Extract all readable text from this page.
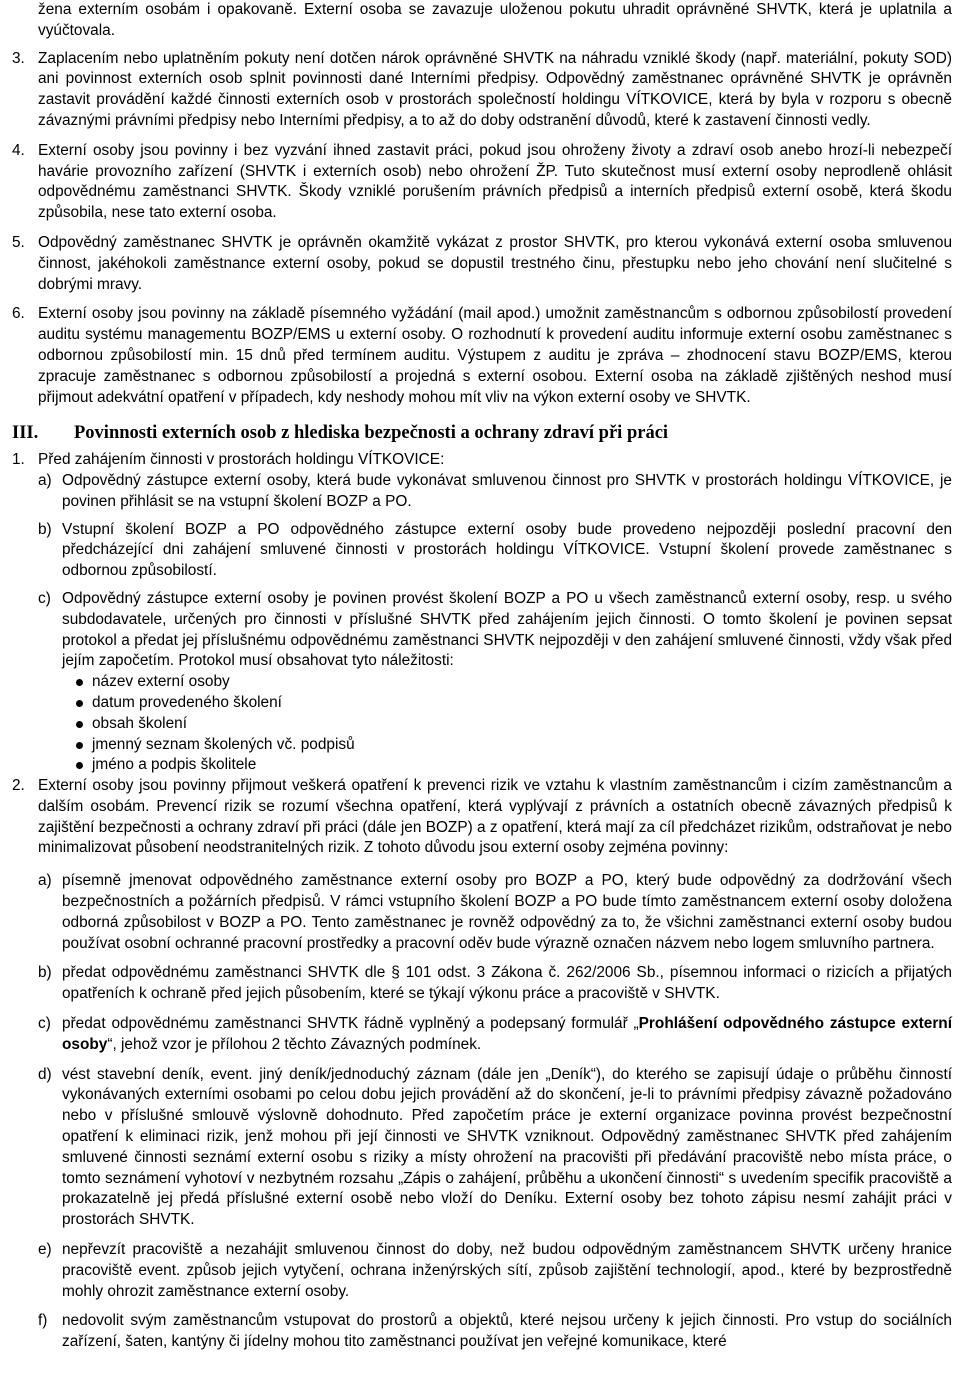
žena externím osobám i opakovaně. Externí osoba se zavazuje uloženou pokutu uhradit oprávněné SHVTK, která je uplatnila a vyúčtovala.

3. Zaplacením nebo uplatněním pokuty není dotčen nárok oprávněné SHVTK na náhradu vzniklé škody (např. materiální, pokuty SOD) ani povinnost externích osob splnit povinnosti dané Interními předpisy. Odpovědný zaměstnanec oprávněné SHVTK je oprávněn zastavit provádění každé činnosti externích osob v prostorách společností holdingu VÍTKOVICE, která by byla v rozporu s obecně závaznými právními předpisy nebo Interními předpisy, a to až do doby odstranění důvodů, které k zastavení činnosti vedly.

4. Externí osoby jsou povinny i bez vyzvání ihned zastavit práci, pokud jsou ohroženy životy a zdraví osob anebo hrozí-li nebezpečí havárie provozního zařízení (SHVTK i externích osob) nebo ohrožení ŽP. Tuto skutečnost musí externí osoby neprodleně ohlásit odpovědnému zaměstnanci SHVTK. Škody vzniklé porušením právních předpisů a interních předpisů externí osobě, která škodu způsobila, nese tato externí osoba.

5. Odpovědný zaměstnanec SHVTK je oprávněn okamžitě vykázat z prostor SHVTK, pro kterou vykonává externí osoba smluvenou činnost, jakéhokoli zaměstnance externí osoby, pokud se dopustil trestného činu, přestupku nebo jeho chování není slučitelné s dobrými mravy.

6. Externí osoby jsou povinny na základě písemného vyžádání (mail apod.) umožnit zaměstnancům s odbornou způsobilostí provedení auditu systému managementu BOZP/EMS u externí osoby. O rozhodnutí k provedení auditu informuje externí osobu zaměstnanec s odbornou způsobilostí min. 15 dnů před termínem auditu. Výstupem z auditu je zpráva – zhodnocení stavu BOZP/EMS, kterou zpracuje zaměstnanec s odbornou způsobilostí a projedná s externí osobou. Externí osoba na základě zjištěných neshod musí přijmout adekvátní opatření v případech, kdy neshody mohou mít vliv na výkon externí osoby ve SHVTK.

III.	Povinnosti externích osob z hlediska bezpečnosti a ochrany zdraví při práci
1. Před zahájením činnosti v prostorách holdingu VÍTKOVICE:

a) Odpovědný zástupce externí osoby, která bude vykonávat smluvenou činnost pro SHVTK v prostorách holdingu VÍTKOVICE, je povinen přihlásit se na vstupní školení BOZP a PO.

b) Vstupní školení BOZP a PO odpovědného zástupce externí osoby bude provedeno nejpozději poslední pracovní den předcházející dni zahájení smluvené činnosti v prostorách holdingu VÍTKOVICE. Vstupní školení provede zaměstnanec s odbornou způsobilostí.

c) Odpovědný zástupce externí osoby je povinen provést školení BOZP a PO u všech zaměstnanců externí osoby, resp. u svého subdodavatele, určených pro činnosti v příslušné SHVTK před zahájením jejich činnosti. O tomto školení je povinen sepsat protokol a předat jej příslušnému odpovědnému zaměstnanci SHVTK nejpozději v den zahájení smluvené činnosti, vždy však před jejím započetím. Protokol musí obsahovat tyto náležitosti:

název externí osoby
datum provedeného školení
obsah školení
jmenný seznam školených vč. podpisů
jméno a podpis školitele
2. Externí osoby jsou povinny přijmout veškerá opatření k prevenci rizik ve vztahu k vlastním zaměstnancům i cizím zaměstnancům a dalším osobám. Prevencí rizik se rozumí všechna opatření, která vyplývají z právních a ostatních obecně závazných předpisů k zajištění bezpečnosti a ochrany zdraví při práci (dále jen BOZP) a z opatření, která mají za cíl předcházet rizikům, odstraňovat je nebo minimalizovat působení neodstranitelných rizik. Z tohoto důvodu jsou externí osoby zejména povinny:

a) písemně jmenovat odpovědného zaměstnance externí osoby pro BOZP a PO, který bude odpovědný za dodržování všech bezpečnostních a požárních předpisů. V rámci vstupního školení BOZP a PO bude tímto zaměstnancem externí osoby doložena odborná způsobilost v BOZP a PO. Tento zaměstnanec je rovněž odpovědný za to, že všichni zaměstnanci externí osoby budou používat osobní ochranné pracovní prostředky a pracovní oděv bude výrazně označen názvem nebo logem smluvního partnera.

b) předat odpovědnému zaměstnanci SHVTK dle § 101 odst. 3 Zákona č. 262/2006 Sb., písemnou informaci o rizicích a přijatých opatřeních k ochraně před jejich působením, které se týkají výkonu práce a pracoviště v SHVTK.

c) předat odpovědnému zaměstnanci SHVTK řádně vyplněný a podepsaný formulář „Prohlášení odpovědného zástupce externí osoby“, jehož vzor je přílohou 2 těchto Závazných podmínek.

d) vést stavební deník, event. jiný deník/jednoduchý záznam (dále jen „Deník“), do kterého se zapisují údaje o průběhu činností vykonávaných externími osobami po celou dobu jejich provádění až do skončení, je-li to právními předpisy závazně požadováno nebo v příslušné smlouvě výslovně dohodnuto. Před započetím práce je externí organizace povinna provést bezpečnostní opatření k eliminaci rizik, jenž mohou při její činnosti ve SHVTK vzniknout. Odpovědný zaměstnanec SHVTK před zahájením smluvené činnosti seznámí externí osobu s riziky a místy ohrožení na pracovišti při předávání pracoviště nebo místa práce, o tomto seznámení vyhotoví v nezbytném rozsahu „Zápis o zahájení, průběhu a ukončení činnosti“ s uvedením specifik pracoviště a prokazatelně jej předá příslušné externí osobě nebo vloží do Deníku. Externí osoby bez tohoto zápisu nesmí zahájit práci v prostorách SHVTK.

e) nepřevzít pracoviště a nezahájit smluvenou činnost do doby, než budou odpovědným zaměstnancem SHVTK určeny hranice pracoviště event. způsob jejich vytyčení, ochrana inženýrských sítí, způsob zajištění technologií, apod., které by bezprostředně mohly ohrozit zaměstnance externí osoby.

f) nedovolit svým zaměstnancům vstupovat do prostorů a objektů, které nejsou určeny k jejich činnosti. Pro vstup do sociálních zařízení, šaten, kantýny či jídelny mohou tito zaměstnanci používat jen veřejné komunikace, které
